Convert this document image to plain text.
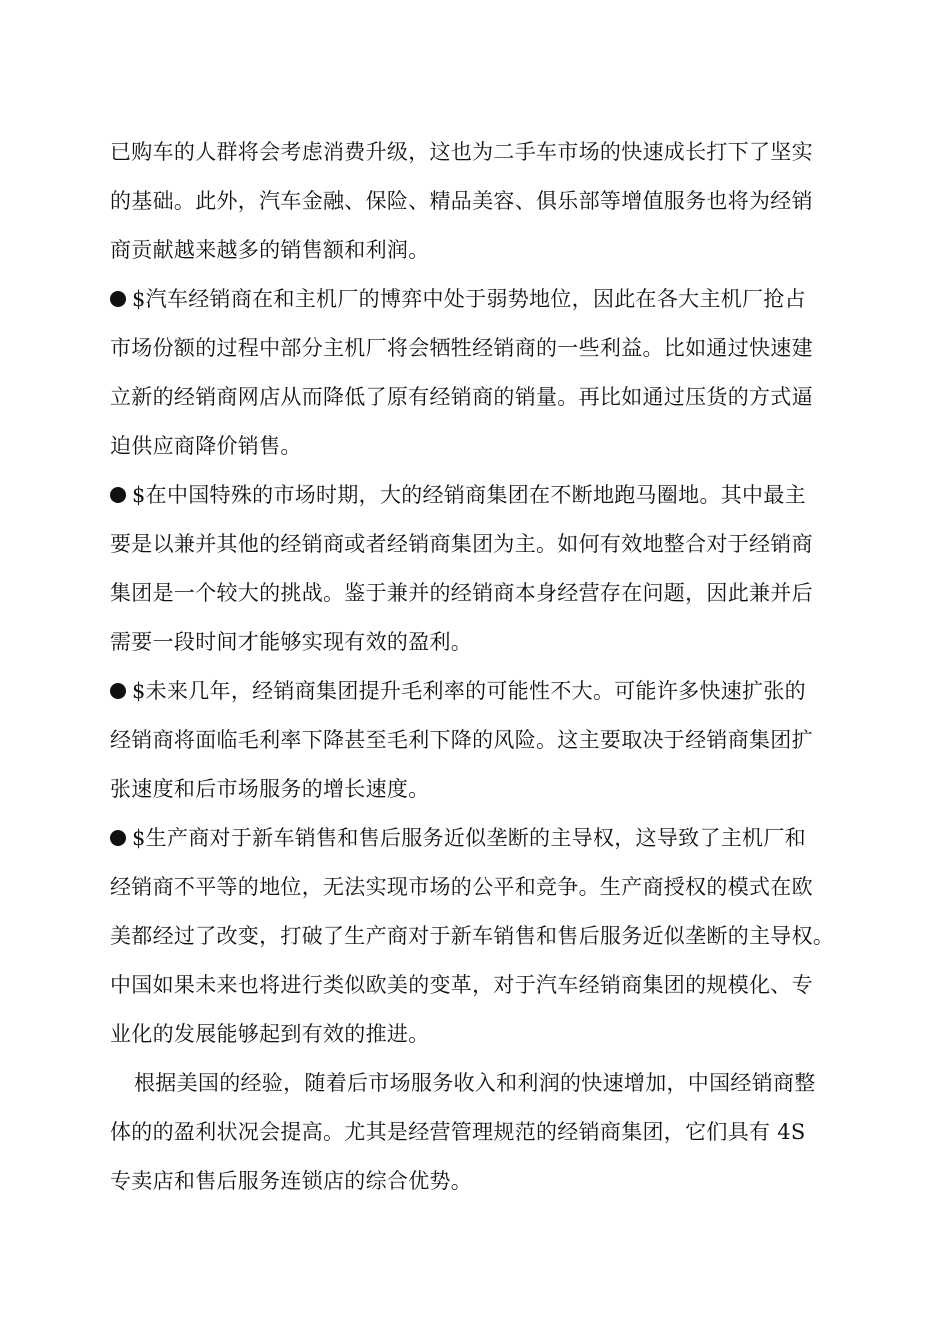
已购车的人群将会考虑消费升级，这也为二手车市场的快速成长打下了坚实
的基础。此外，汽车金融、保险、精品美容、俱乐部等增值服务也将为经销
商贡献越来越多的销售额和利润。
$汽车经销商在和主机厂的博弈中处于弱势地位，因此在各大主机厂抢占
市场份额的过程中部分主机厂将会牺牲经销商的一些利益。比如通过快速建
立新的经销商网店从而降低了原有经销商的销量。再比如通过压货的方式逼
迫供应商降价销售。
$在中国特殊的市场时期，大的经销商集团在不断地跑马圈地。其中最主
要是以兼并其他的经销商或者经销商集团为主。如何有效地整合对于经销商
集团是一个较大的挑战。鉴于兼并的经销商本身经营存在问题，因此兼并后
需要一段时间才能够实现有效的盈利。
$未来几年，经销商集团提升毛利率的可能性不大。可能许多快速扩张的
经销商将面临毛利率下降甚至毛利下降的风险。这主要取决于经销商集团扩
张速度和后市场服务的增长速度。
$生产商对于新车销售和售后服务近似垄断的主导权，这导致了主机厂和
经销商不平等的地位，无法实现市场的公平和竞争。生产商授权的模式在欧
美都经过了改变，打破了生产商对于新车销售和售后服务近似垄断的主导权。
中国如果未来也将进行类似欧美的变革，对于汽车经销商集团的规模化、专
业化的发展能够起到有效的推进。
根据美国的经验，随着后市场服务收入和利润的快速增加，中国经销商整
体的的盈利状况会提高。尤其是经营管理规范的经销商集团，它们具有 4S
专卖店和售后服务连锁店的综合优势。
